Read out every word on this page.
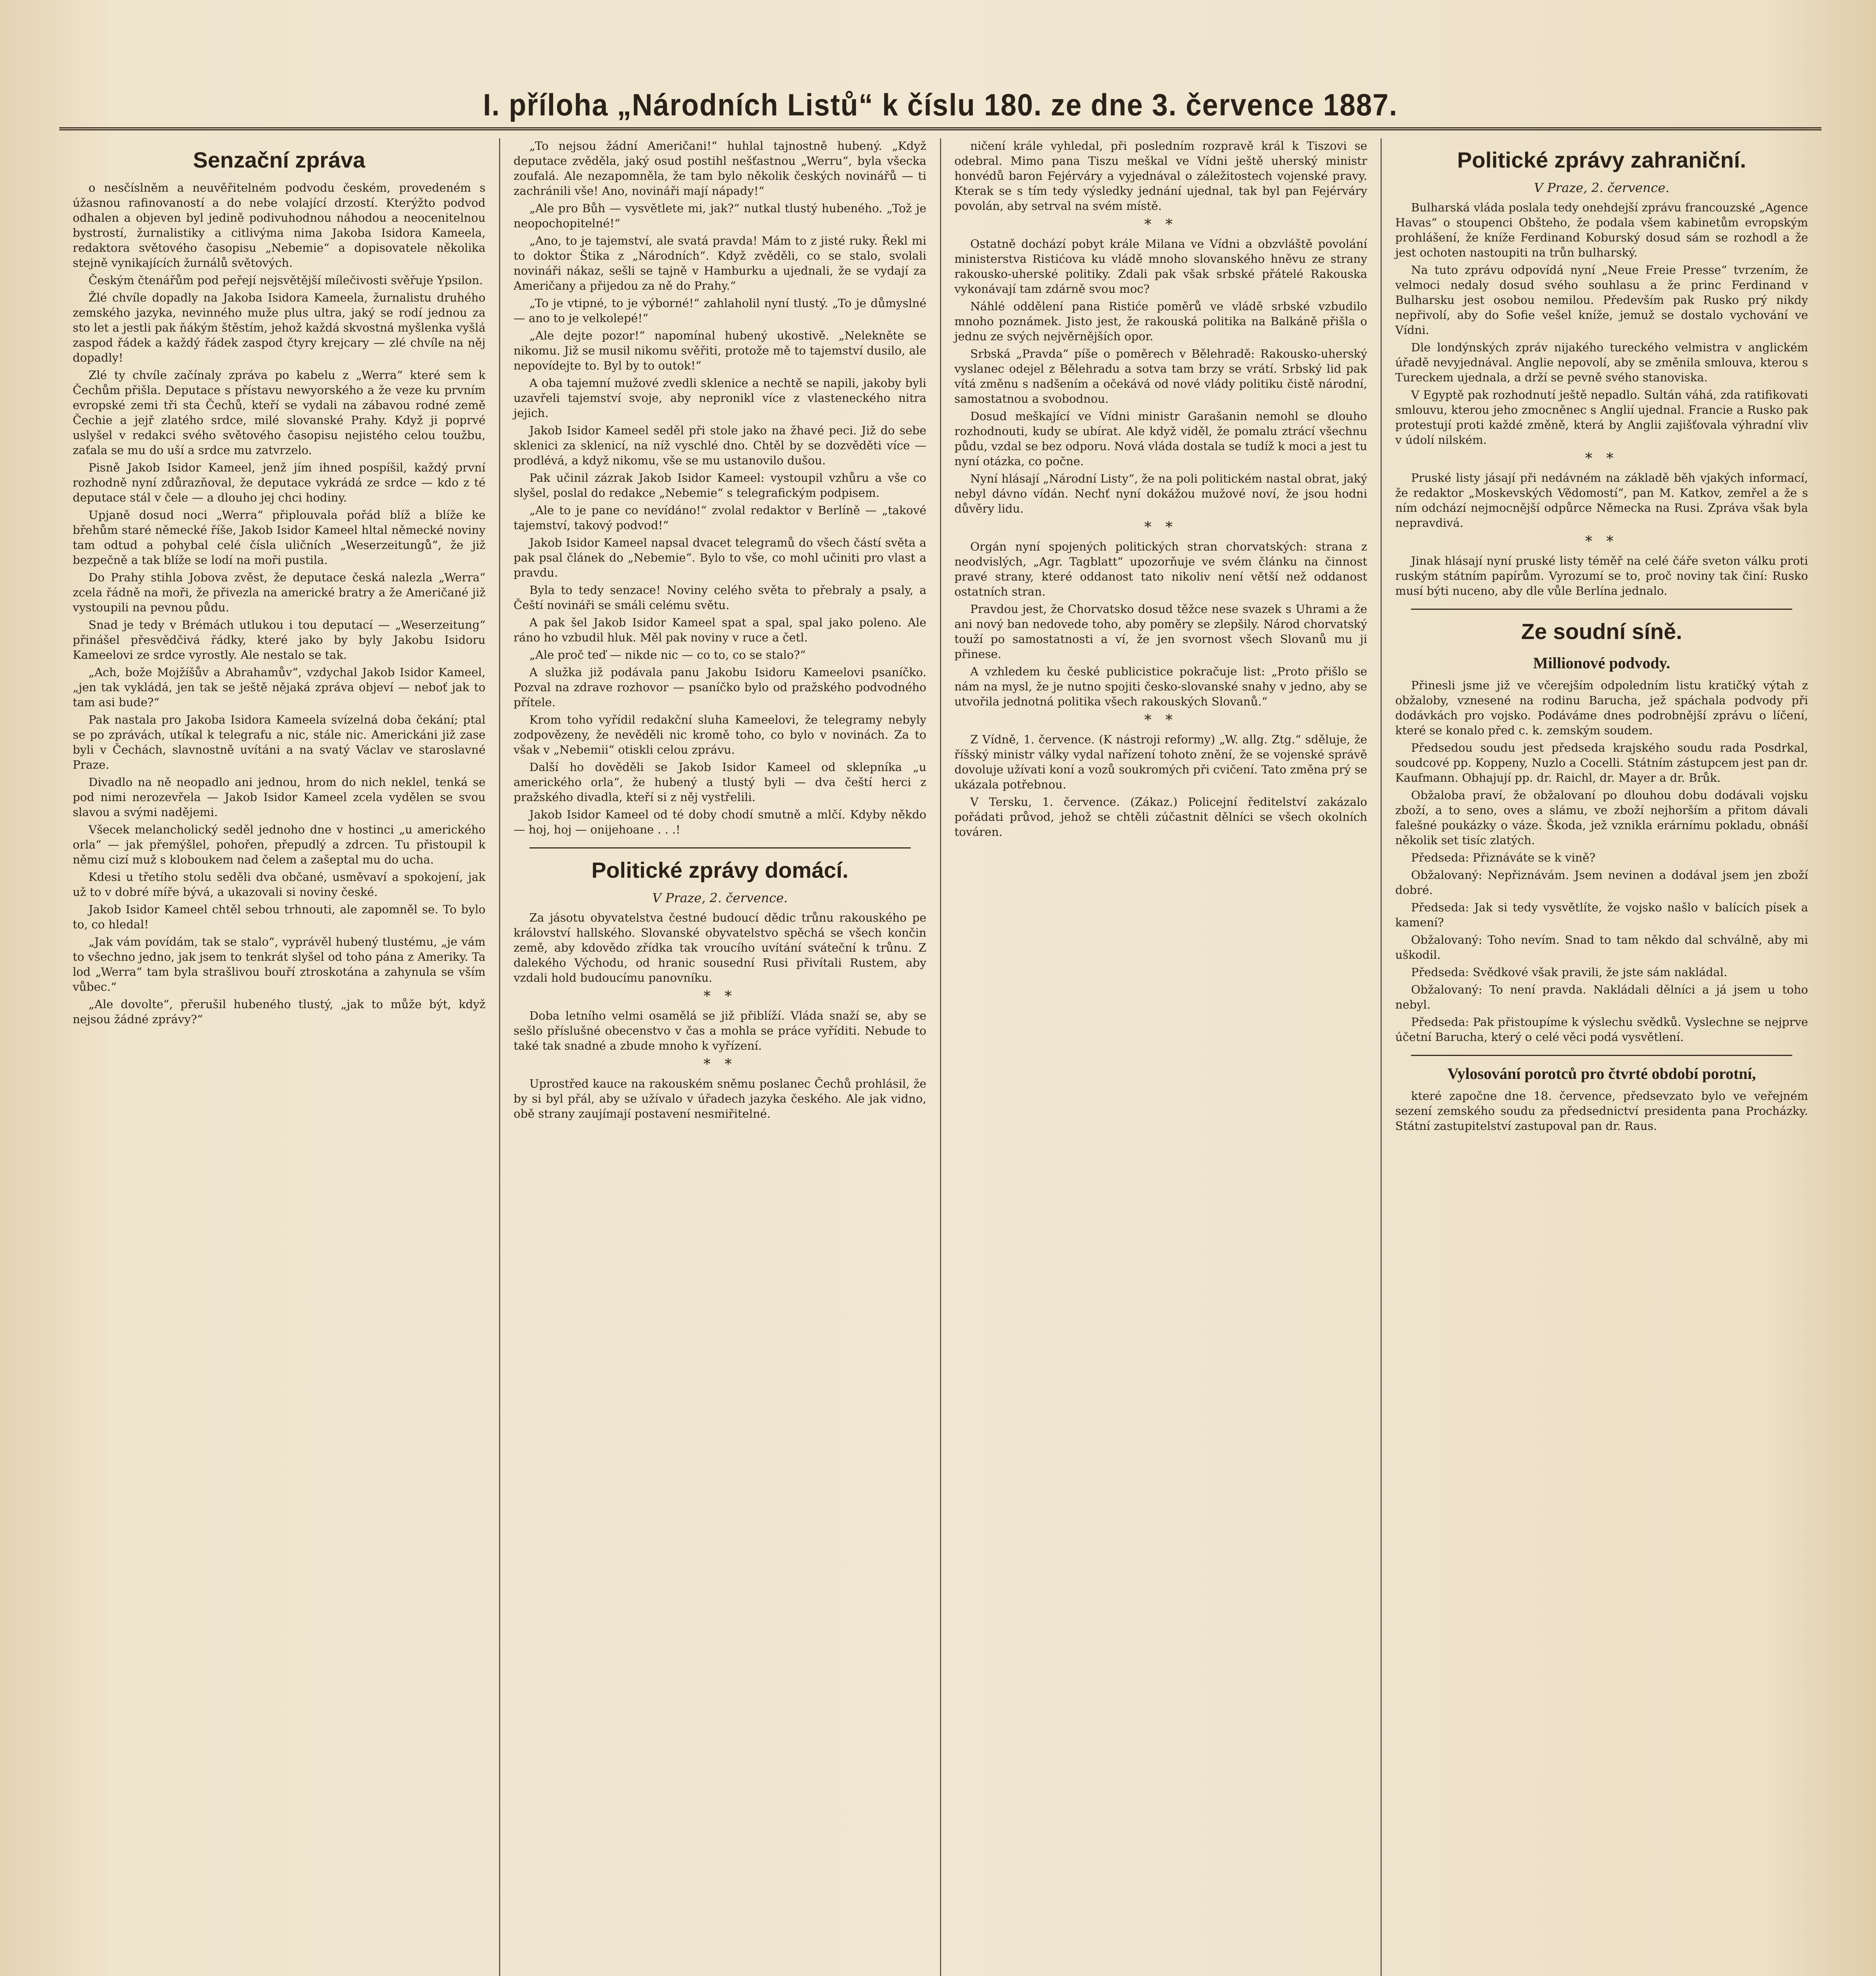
I. příloha „Národních Listů“ k číslu 180. ze dne 3. července 1887.
Senzační zpráva

o nesčíslněm a neuvěřitelném podvodu českém, provedeném s úžasnou rafinovaností a do nebe volající drzostí. Kterýžto podvod odhalen a objeven byl jedině podivuhodnou náhodou a neocenitelnou bystrostí, žurnalistiky a citlivýma nima Jakoba Isidora Kameela, redaktora světového časopisu „Nebemie“ a dopisovatele několika stejně vynikajících žurnálů světových.

Českým čtenářům pod peřejí nejsvětější mílečivosti svěřuje Ypsilon.

Žlé chvíle dopadly na Jakoba Isidora Kameela, žurnalistu druhého zemského jazyka, nevinného muže plus ultra, jaký se rodí jednou za sto let a jestli pak ňákým štěstím, jehož každá skvostná myšlenka vyšlá zaspod řádek a každý řádek zaspod čtyry krejcary — zlé chvíle na něj dopadly!

Zlé ty chvíle začínaly zpráva po kabelu z „Werra“ které sem k Čechům přišla. Deputace s přístavu newyorského a že veze ku prvním evropské zemi tři sta Čechů, kteří se vydali na zábavou rodné země Čechie a jejř zlatého srdce, milé slovanské Prahy. Když ji poprvé uslyšel v redakci svého světového časopisu nejistého celou toužbu, zaťala se mu do uší a srdce mu zatvrzelo.

Pisně Jakob Isidor Kameel, jenž jím ihned pospíšil, každý první rozhodně nyní zdůrazňoval, že deputace vykrádá ze srdce — kdo z té deputace stál v čele — a dlouho jej chci hodiny.

Upjaně dosud noci „Werra“ připlouvala pořád blíž a blíže ke břehům staré německé říše, Jakob Isidor Kameel hltal německé noviny tam odtud a pohybal celé čísla uličních „Weserzeitungů“, že již bezpečně a tak blíže se lodí na moři pustila.

Do Prahy stihla Jobova zvěst, že deputace česká nalezla „Werra“ zcela řádně na moři, že přivezla na americké bratry a že Američané již vystoupili na pevnou půdu.

Snad je tedy v Brémách utlukou i tou deputací — „Weserzeitung“ přinášel přesvědčivá řádky, které jako by byly Jakobu Isidoru Kameelovi ze srdce vyrostly. Ale nestalo se tak.

„Ach, bože Mojžíšův a Abrahamův“, vzdychal Jakob Isidor Kameel, „jen tak vykládá, jen tak se ještě nějaká zpráva objeví — neboť jak to tam asi bude?“

Pak nastala pro Jakoba Isidora Kameela svízelná doba čekání; ptal se po zprávách, utíkal k telegrafu a nic, stále nic. Americkáni již zase byli v Čechách, slavnostně uvítáni a na svatý Václav ve staroslavné Praze.

Divadlo na ně neopadlo ani jednou, hrom do nich neklel, tenká se pod nimi nerozevřela — Jakob Isidor Kameel zcela vydělen se svou slavou a svými nadějemi.

Všecek melancholický seděl jednoho dne v hostinci „u amerického orla“ — jak přemýšlel, pohořen, přepudlý a zdrcen. Tu přistoupil k němu cizí muž s kloboukem nad čelem a zašeptal mu do ucha.

Kdesi u třetího stolu seděli dva občané, usměvaví a spokojení, jak už to v dobré míře bývá, a ukazovali si noviny české.

Jakob Isidor Kameel chtěl sebou trhnouti, ale zapomněl se. To bylo to, co hledal!

„Jak vám povídám, tak se stalo“, vyprávěl hubený tlustému, „je vám to všechno jedno, jak jsem to tenkrát slyšel od toho pána z Ameriky. Ta lod „Werra“ tam byla strašlivou bouří ztroskotána a zahynula se vším vůbec.“

„Ale dovolte“, přerušil hubeného tlustý, „jak to může být, když nejsou žádné zprávy?“

„To nejsou žádní Američani!“ huhlal tajnostně hubený. „Když deputace zvěděla, jaký osud postihl nešťastnou „Werru“, byla všecka zoufalá. Ale nezapomněla, že tam bylo několik českých novinářů — ti zachránili vše! Ano, novináři mají nápady!“

„Ale pro Bůh — vysvětlete mi, jak?“ nutkal tlustý hubeného. „Tož je neopochopitelné!“

„Ano, to je tajemství, ale svatá pravda! Mám to z jisté ruky. Řekl mi to doktor Štika z „Národních“. Když zvěděli, co se stalo, svolali novináři nákaz, sešli se tajně v Hamburku a ujednali, že se vydají za Američany a přijedou za ně do Prahy.“

„To je vtipné, to je výborné!“ zahlaholil nyní tlustý. „To je důmyslné — ano to je velkolepé!“

„Ale dejte pozor!“ napomínal hubený ukostivě. „Nelekněte se nikomu. Již se musil nikomu svěřiti, protože mě to tajemství dusilo, ale nepovídejte to. Byl by to outok!“

A oba tajemní mužové zvedli sklenice a nechtě se napili, jakoby byli uzavřeli tajemství svoje, aby nepronikl více z vlasteneckého nitra jejich.

Jakob Isidor Kameel seděl při stole jako na žhavé peci. Již do sebe sklenici za sklenicí, na níž vyschlé dno. Chtěl by se dozvěděti více — prodlévá, a když nikomu, vše se mu ustanovilo dušou.

Pak učinil zázrak Jakob Isidor Kameel: vystoupil vzhůru a vše co slyšel, poslal do redakce „Nebemie“ s telegrafickým podpisem.

„Ale to je pane co nevídáno!“ zvolal redaktor v Berlíně — „takové tajemství, takový podvod!“

Jakob Isidor Kameel napsal dvacet telegramů do všech částí světa a pak psal článek do „Nebemie“. Bylo to vše, co mohl učiniti pro vlast a pravdu.

Byla to tedy senzace! Noviny celého světa to přebraly a psaly, a Čeští novináři se smáli celému světu.

A pak šel Jakob Isidor Kameel spat a spal, spal jako poleno. Ale ráno ho vzbudil hluk. Měl pak noviny v ruce a četl.

„Ale proč teď — nikde nic — co to, co se stalo?“

A služka již podávala panu Jakobu Isidoru Kameelovi psaníčko. Pozval na zdrave rozhovor — psaníčko bylo od pražského podvodného přítele.

Krom toho vyřídil redakční sluha Kameelovi, že telegramy nebyly zodpovězeny, že nevěděli nic kromě toho, co bylo v novinách. Za to však v „Nebemii“ otiskli celou zprávu.

Další ho dověděli se Jakob Isidor Kameel od sklepníka „u amerického orla“, že hubený a tlustý byli — dva čeští herci z pražského divadla, kteří si z něj vystřelili.

Jakob Isidor Kameel od té doby chodí smutně a mlčí. Kdyby někdo — hoj, hoj — onijehoane . . .!

Politické zprávy domácí.
V Praze, 2. července.

Za jásotu obyvatelstva čestné budoucí dědic trůnu rakouského pe království hallského. Slovanské obyvatelstvo spěchá se všech končin země, aby kdovědo zřídka tak vroucího uvítání sváteční k trůnu. Z dalekého Východu, od hranic sousední Rusi přivítali Rustem, aby vzdali hold budoucímu panovníku.

* *

Doba letního velmi osamělá se již přiblíží. Vláda snaží se, aby se sešlo příslušné obecenstvo v čas a mohla se práce vyříditi. Nebude to také tak snadné a zbude mnoho k vyřízení.

* *

Uprostřed kauce na rakouském sněmu poslanec Čechů prohlásil, že by si byl přál, aby se užívalo v úřadech jazyka českého. Ale jak vidno, obě strany zaujímají postavení nesmiřitelné.

ničení krále vyhledal, při posledním rozpravě král k Tiszovi se odebral. Mimo pana Tiszu meškal ve Vídni ještě uherský ministr honvédů baron Fejérváry a vyjednával o záležitostech vojenské pravy. Kterak se s tím tedy výsledky jednání ujednal, tak byl pan Fejérváry povolán, aby setrval na svém místě.

* *

Ostatně dochází pobyt krále Milana ve Vídni a obzvláště povolání ministerstva Ristićova ku vládě mnoho slovanského hněvu ze strany rakousko-uherské politiky. Zdali pak však srbské přátelé Rakouska vykonávají tam zdárně svou moc?

Náhlé oddělení pana Ristiće poměrů ve vládě srbské vzbudilo mnoho poznámek. Jisto jest, že rakouská politika na Balkáně přišla o jednu ze svých nejvěrnějších opor.

Srbská „Pravda“ píše o poměrech v Bělehradě: Rakousko-uherský vyslanec odejel z Bělehradu a sotva tam brzy se vrátí. Srbský lid pak vítá změnu s nadšením a očekává od nové vlády politiku čistě národní, samostatnou a svobodnou.

Dosud meškající ve Vídni ministr Garašanin nemohl se dlouho rozhodnouti, kudy se ubírat. Ale když viděl, že pomalu ztrácí všechnu půdu, vzdal se bez odporu. Nová vláda dostala se tudíž k moci a jest tu nyní otázka, co počne.

Nyní hlásají „Národní Listy“, že na poli politickém nastal obrat, jaký nebyl dávno vídán. Nechť nyní dokážou mužové noví, že jsou hodni důvěry lidu.

* *

Orgán nyní spojených politických stran chorvatských: strana z neodvislých, „Agr. Tagblatt“ upozorňuje ve svém článku na činnost pravé strany, které oddanost tato nikoliv není větší než oddanost ostatních stran.

Pravdou jest, že Chorvatsko dosud těžce nese svazek s Uhrami a že ani nový ban nedovede toho, aby poměry se zlepšily. Národ chorvatský touží po samostatnosti a ví, že jen svornost všech Slovanů mu ji přinese.

A vzhledem ku české publicistice pokračuje list: „Proto přišlo se nám na mysl, že je nutno spojiti česko-slovanské snahy v jedno, aby se utvořila jednotná politika všech rakouských Slovanů.“

* *

Z Vídně, 1. července. (K nástroji reformy) „W. allg. Ztg.“ sděluje, že říšský ministr války vydal nařízení tohoto znění, že se vojenské správě dovoluje užívati koní a vozů soukromých při cvičení. Tato změna prý se ukázala potřebnou.

V Tersku, 1. července. (Zákaz.) Policejní ředitelství zakázalo pořádati průvod, jehož se chtěli zúčastnit dělníci se všech okolních továren.

Politické zprávy zahraniční.
V Praze, 2. července.

Bulharská vláda poslala tedy onehdejší zprávu francouzské „Agence Havas“ o stoupenci Obšteho, že podala všem kabinetům evropským prohlášení, že kníže Ferdinand Koburský dosud sám se rozhodl a že jest ochoten nastoupiti na trůn bulharský.

Na tuto zprávu odpovídá nyní „Neue Freie Presse“ tvrzením, že velmoci nedaly dosud svého souhlasu a že princ Ferdinand v Bulharsku jest osobou nemilou. Především pak Rusko prý nikdy nepřivolí, aby do Sofie vešel kníže, jemuž se dostalo vychování ve Vídni.

Dle londýnských zpráv nijakého tureckého velmistra v anglickém úřadě nevyjednával. Anglie nepovolí, aby se změnila smlouva, kterou s Tureckem ujednala, a drží se pevně svého stanoviska.

V Egyptě pak rozhodnutí ještě nepadlo. Sultán váhá, zda ratifikovati smlouvu, kterou jeho zmocněnec s Anglií ujednal. Francie a Rusko pak protestují proti každé změně, která by Anglii zajišťovala výhradní vliv v údolí nilském.

* *

Pruské listy jásají při nedávném na základě běh vjakých informací, že redaktor „Moskevských Vědomostí“, pan M. Katkov, zemřel a že s ním odchází nejmocnější odpůrce Německa na Rusi. Zpráva však byla nepravdivá.

* *

Jinak hlásají nyní pruské listy téměř na celé čáře sveton válku proti ruským státním papírům. Vyrozumí se to, proč noviny tak činí: Rusko musí býti nuceno, aby dle vůle Berlína jednalo.

Ze soudní síně.
Millionové podvody.

Přinesli jsme již ve včerejším odpoledním listu kratičký výtah z obžaloby, vznesené na rodinu Barucha, jež spáchala podvody při dodávkách pro vojsko. Podáváme dnes podrobnější zprávu o líčení, které se konalo před c. k. zemským soudem.

Předsedou soudu jest předseda krajského soudu rada Posdrkal, soudcové pp. Koppeny, Nuzlo a Cocelli. Státním zástupcem jest pan dr. Kaufmann. Obhajují pp. dr. Raichl, dr. Mayer a dr. Brůk.

Obžaloba praví, že obžalovaní po dlouhou dobu dodávali vojsku zboží, a to seno, oves a slámu, ve zboží nejhorším a přitom dávali falešné poukázky o váze. Škoda, jež vznikla erárnímu pokladu, obnáší několik set tisíc zlatých.

Předseda: Přiznáváte se k vině?

Obžalovaný: Nepřiznávám. Jsem nevinen a dodával jsem jen zboží dobré.

Předseda: Jak si tedy vysvětlíte, že vojsko našlo v balících písek a kamení?

Obžalovaný: Toho nevím. Snad to tam někdo dal schválně, aby mi uškodil.

Předseda: Svědkové však pravili, že jste sám nakládal.

Obžalovaný: To není pravda. Nakládali dělníci a já jsem u toho nebyl.

Předseda: Pak přistoupíme k výslechu svědků. Vyslechne se nejprve účetní Barucha, který o celé věci podá vysvětlení.

Vylosování porotců pro čtvrté období porotní,

které započne dne 18. července, předsevzato bylo ve veřejném sezení zemského soudu za předsednictví presidenta pana Procházky. Státní zastupitelství zastupoval pan dr. Raus.
